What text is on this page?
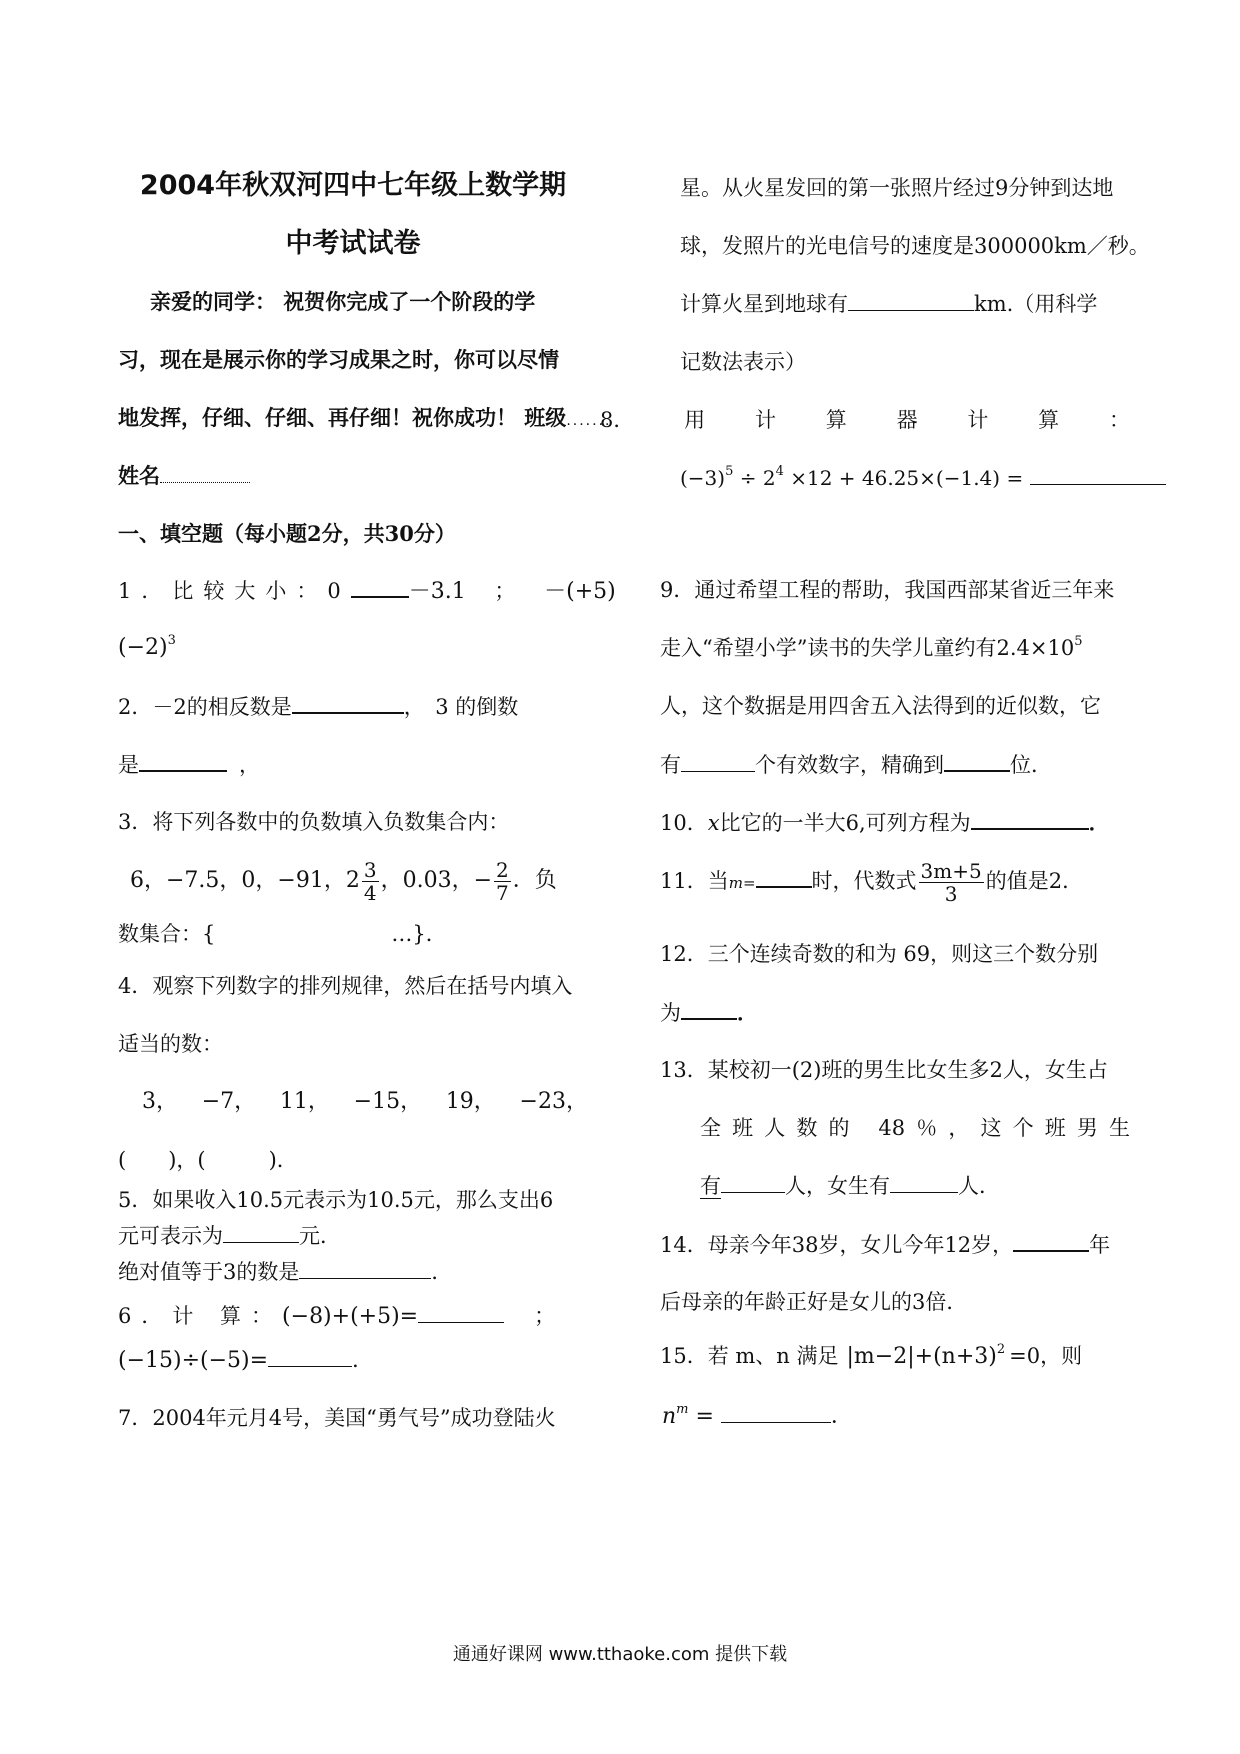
2004年秋双河四中七年级上数学期
中考试试卷
亲爱的同学： 祝贺你完成了一个阶段的学
习，现在是展示你的学习成果之时，你可以尽情
地发挥，仔细、仔细、再仔细！祝你成功！ 班级.......
姓名
一、填空题（每小题2分，共30分）
1．比较大小：0	－3.1 ； －(+5)
$(-2)^3$
2．－2的相反数是	，　3 的倒数
是	，
3．将下列各数中的负数填入负数集合内：
6，−7.5，0，−91，$2 \frac{3}{4}$ ，0.03，− $\frac{2}{7}$ ．负
数集合：{	…}．
4．观察下列数字的排列规律，然后在括号内填入
适当的数：
3， −7， 11， −15， 19， −23，
(　　)，(　　　)．
5．如果收入10.5元表示为10.5元，那么支出6
元可表示为	元．
绝对值等于3的数是	．
6．计 算：(−8)+(+5)=	；
(−15)÷(−5)=	．
7．2004年元月4号，美国“勇气号”成功登陆火
星。从火星发回的第一张照片经过9分钟到达地
球，发照片的光电信号的速度是300000km／秒。
计算火星到地球有	km.（用科学
记数法表示）
8． 用 计 算 器 计 算 ：
$(-3)^5 \div 2^4 \times 12 + 46.25\times(-1.4)$ =
9．通过希望工程的帮助，我国西部某省近三年来
走入“希望小学”读书的失学儿童约有$2.4\times 10^5$
人，这个数据是用四舍五入法得到的近似数，它
有	个有效数字，精确到	位．
10．x比它的一半大6,可列方程为	．
11．当m=	时，代数式 $\frac{3m+5}{3}$ 的值是2．
12．三个连续奇数的和为 69，则这三个数分别
为	．
13．某校初一(2)班的男生比女生多2人，女生占
全班人数的 48％，这个班男生
有	人，女生有	人．
14．母亲今年38岁，女儿今年12岁，	年
后母亲的年龄正好是女儿的3倍．
15．若 m、n 满足 $|m-2|+(n+3)^2 =0$，则
$n^m$ =	．
通通好课网 www.tthaoke.com 提供下载
